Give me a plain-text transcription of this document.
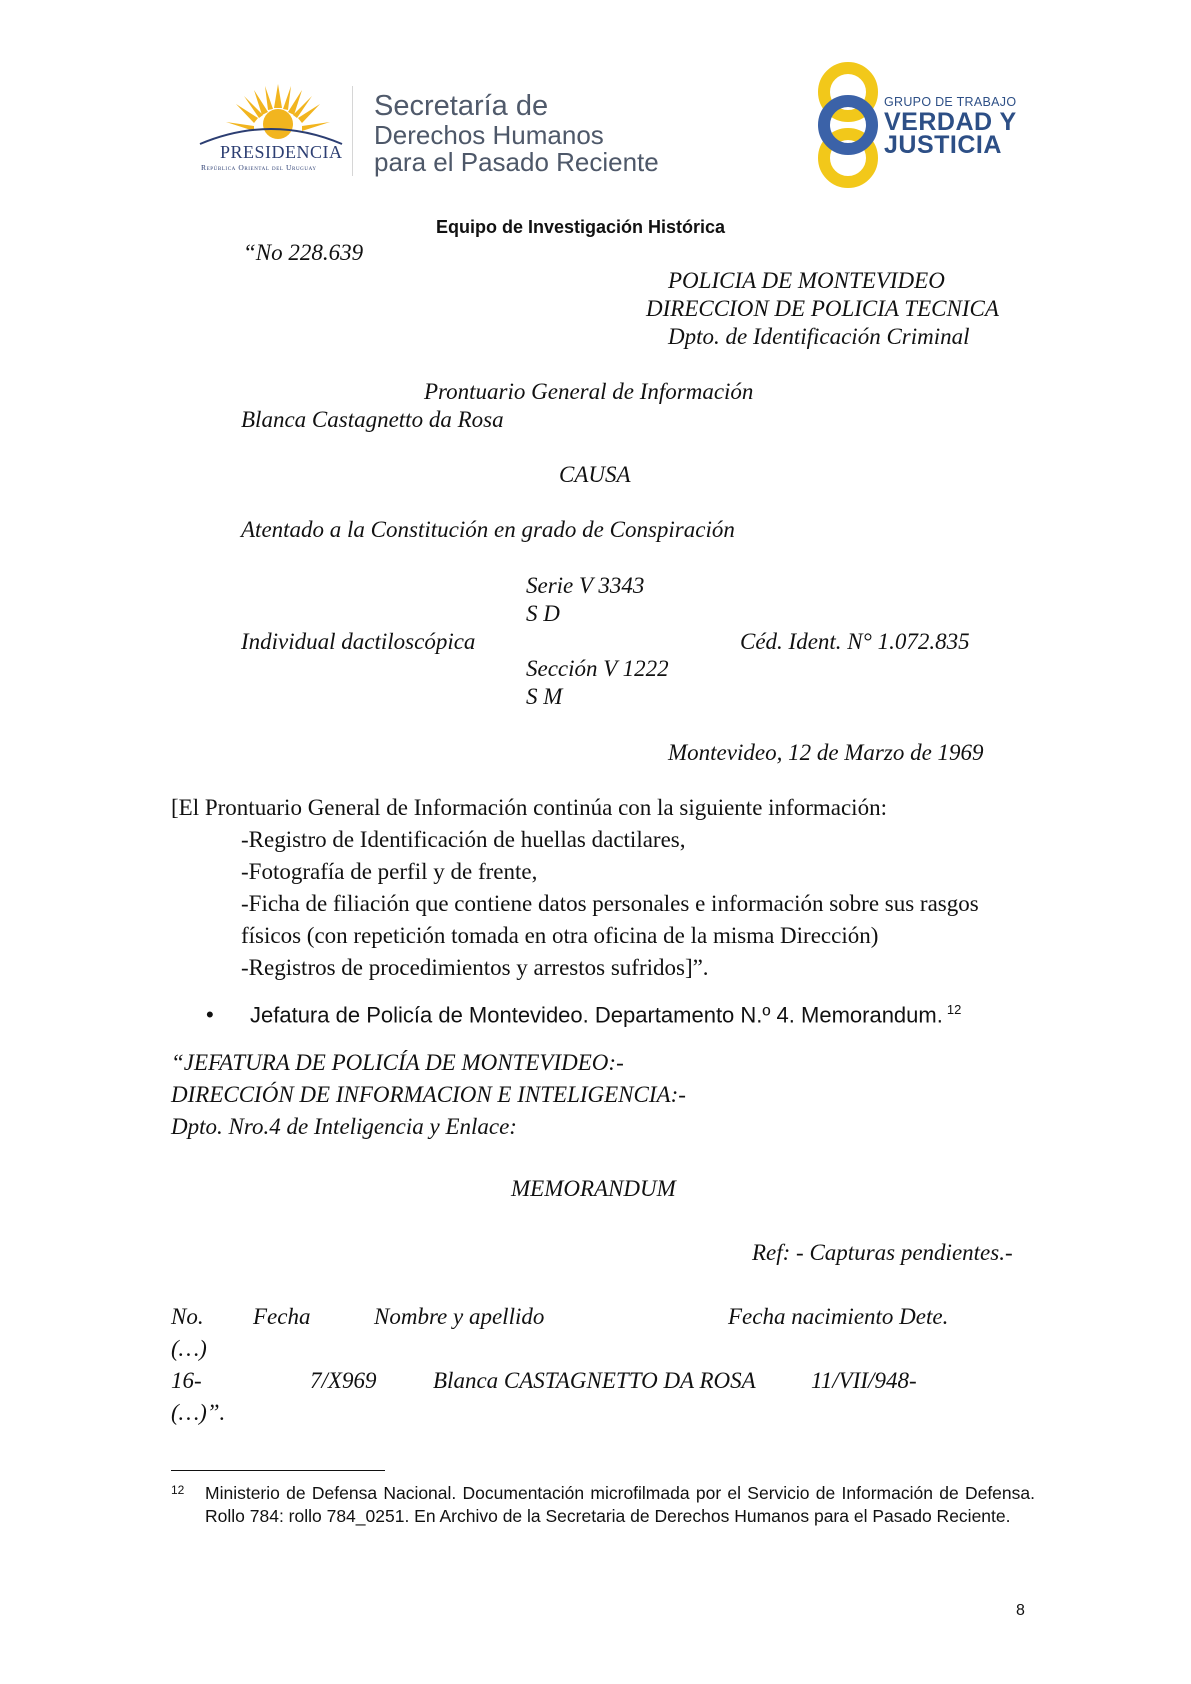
PRESIDENCIA
República Oriental del Uruguay
Secretaría de
Derechos Humanos
para el Pasado Reciente
GRUPO DE TRABAJO
VERDAD Y
JUSTICIA
Equipo de Investigación Histórica
“No 228.639
POLICIA DE MONTEVIDEO
DIRECCION DE POLICIA TECNICA
Dpto. de Identificación Criminal
Prontuario General de Información
Blanca Castagnetto da Rosa
CAUSA
Atentado a la Constitución en grado de Conspiración
Serie V 3343
S D
Individual dactiloscópica	Céd. Ident. N° 1.072.835
Sección V 1222
S M
Montevideo, 12 de Marzo de 1969
[El Prontuario General de Información continúa con la siguiente información:
-Registro de Identificación de huellas dactilares,
-Fotografía de perfil y de frente,
-Ficha de filiación que contiene datos personales e información sobre sus rasgos
físicos (con repetición tomada en otra oficina de la misma Dirección)
-Registros de procedimientos y arrestos sufridos]”.
• Jefatura de Policía de Montevideo. Departamento N.º 4. Memorandum. $^{12}$
“JEFATURA DE POLICÍA DE MONTEVIDEO:-
DIRECCIÓN DE INFORMACION E INTELIGENCIA:-
Dpto. Nro.4 de Inteligencia y Enlace:
MEMORANDUM
Ref: - Capturas pendientes.-
No. Fecha	Nombre y apellido	Fecha nacimiento Dete.
(…)
16-	7/X969 Blanca CASTAGNETTO DA ROSA 11/VII/948-
(…)”.
12 Ministerio de Defensa Nacional. Documentación microfilmada por el Servicio de Información de Defensa. Rollo 784: rollo 784_0251. En Archivo de la Secretaria de Derechos Humanos para el Pasado Reciente.
8
